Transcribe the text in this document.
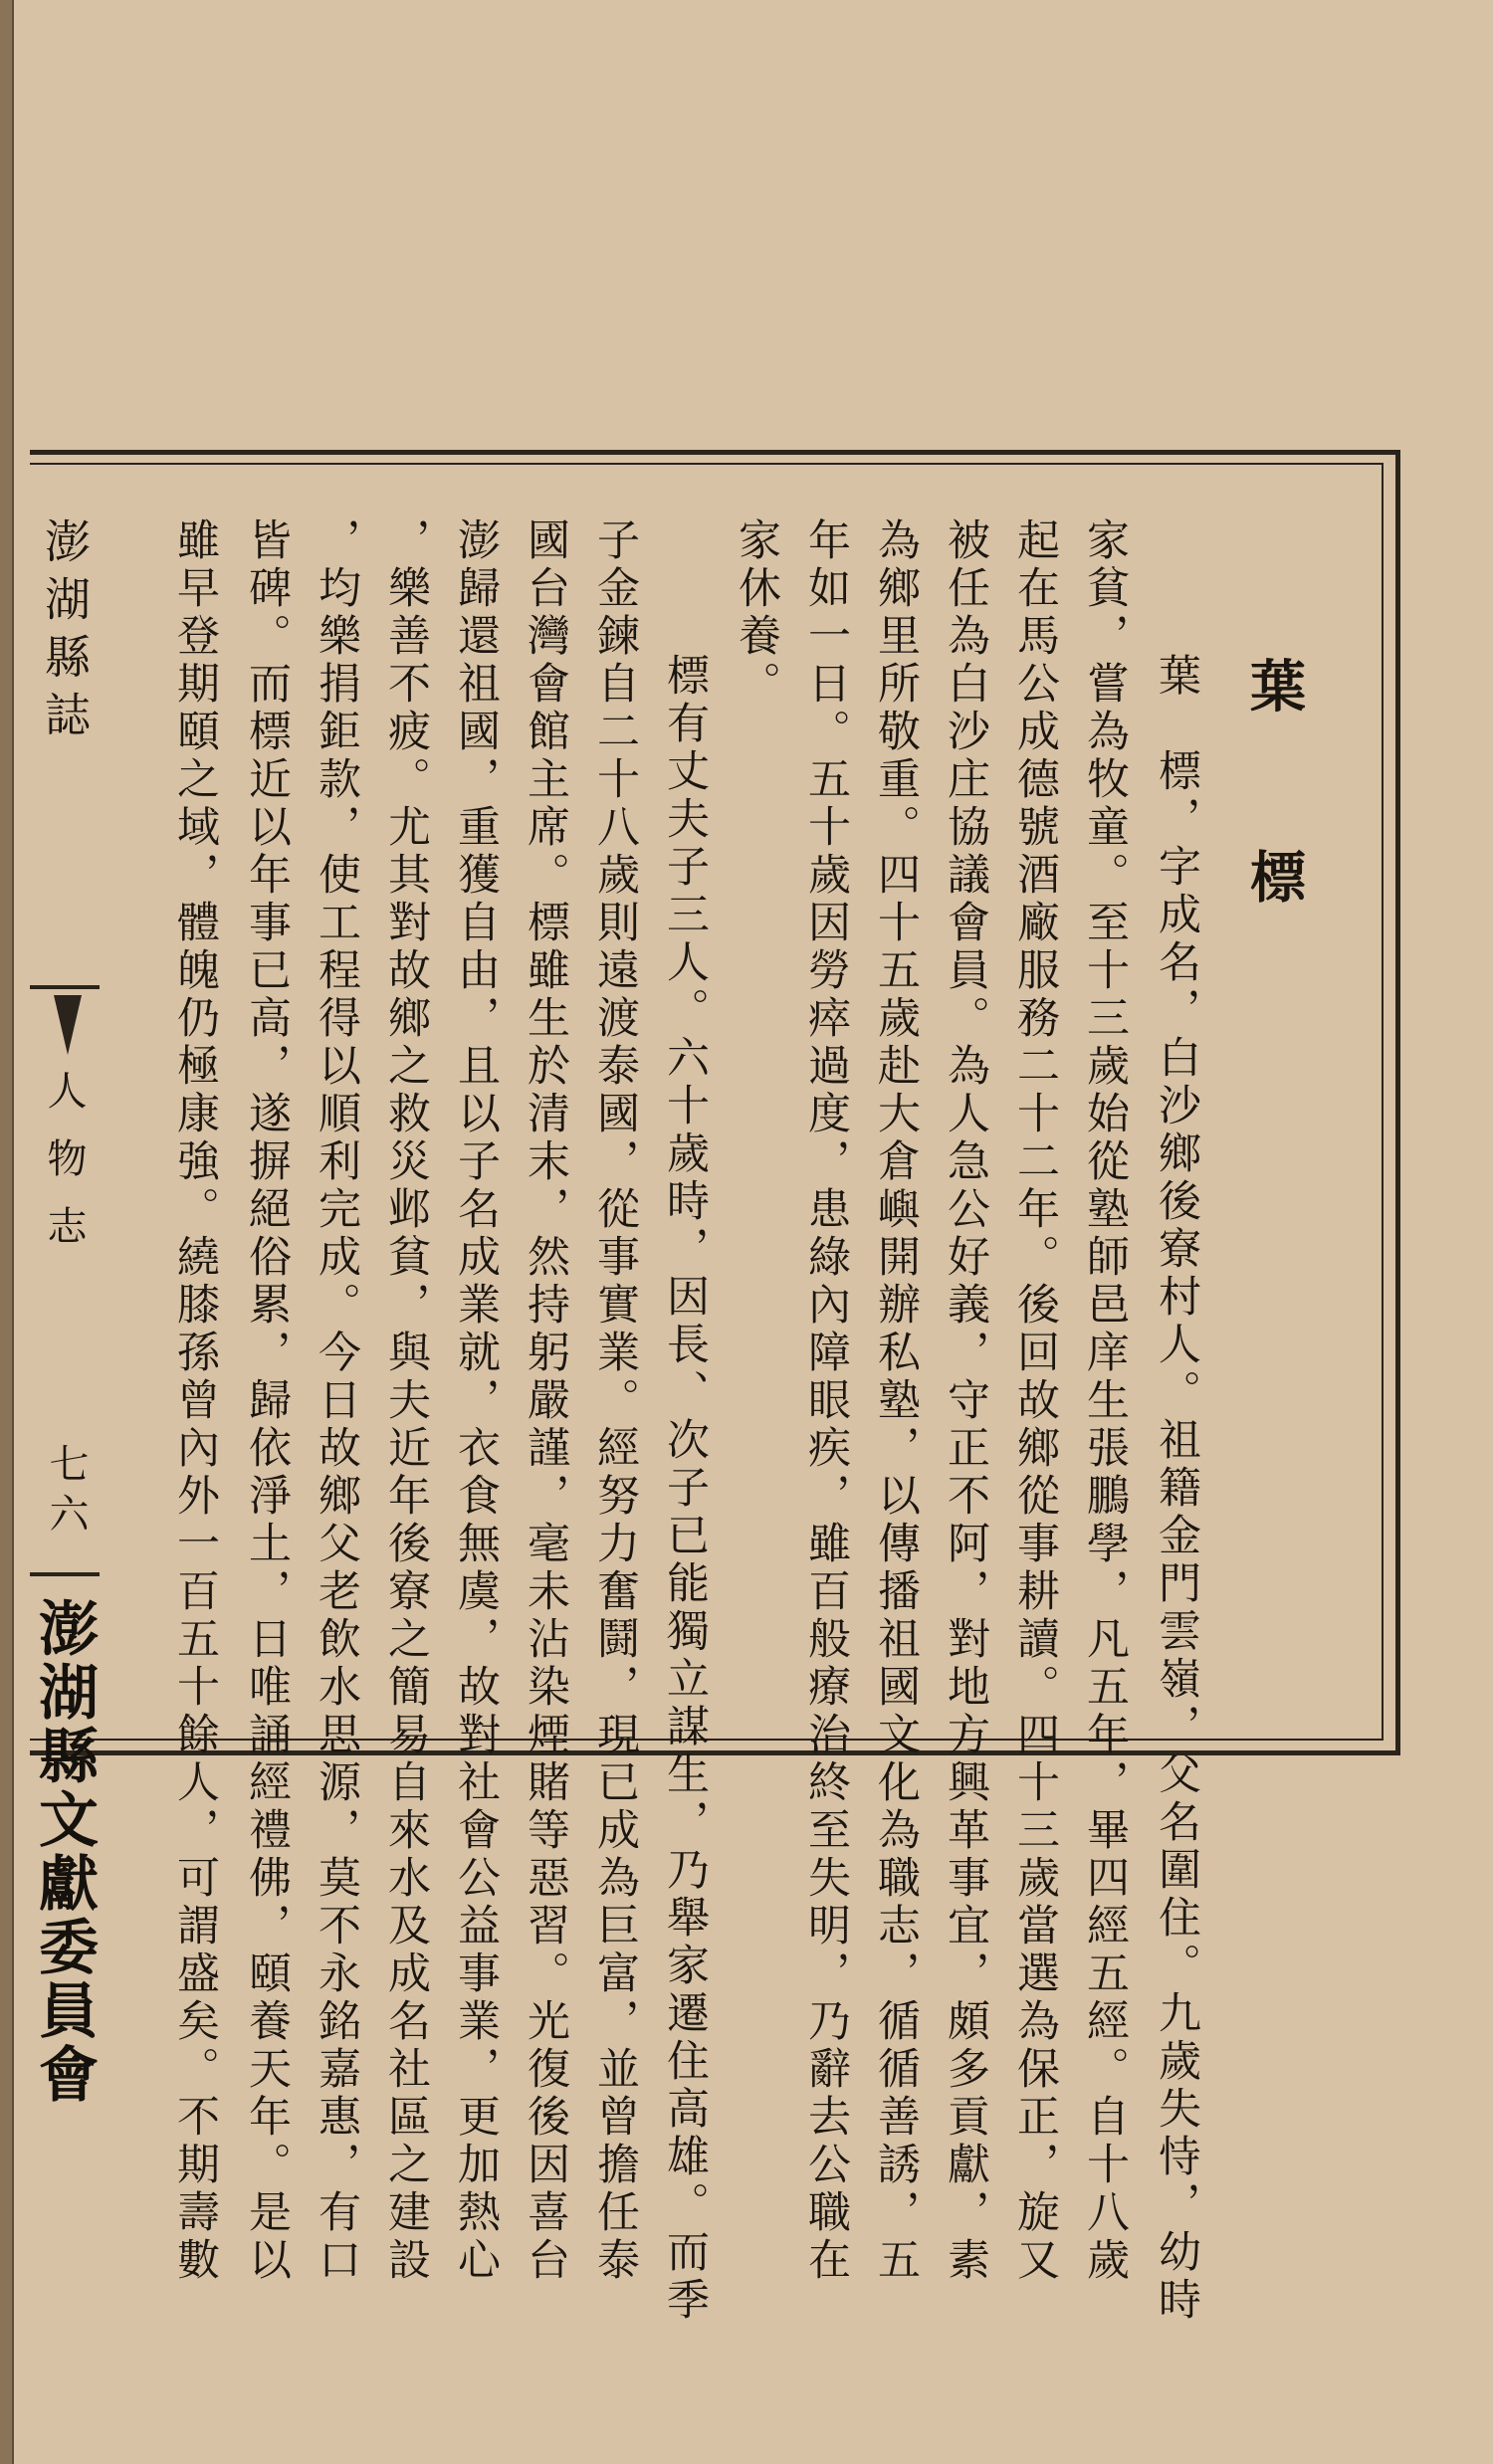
葉　標

　葉　標，字成名，白沙鄉後寮村人。祖籍金門雲嶺，父名圍住。九歲失恃，幼時

家貧，嘗為牧童。至十三歲始從塾師邑庠生張鵬學，凡五年，畢四經五經。自十八歲

起在馬公成德號酒廠服務二十二年。後回故鄉從事耕讀。四十三歲當選為保正，旋又

被任為白沙庄協議會員。為人急公好義，守正不阿，對地方興革事宜，頗多貢獻，素

為鄉里所敬重。四十五歲赴大倉嶼開辦私塾，以傳播祖國文化為職志，循循善誘，五

年如一日。五十歲因勞瘁過度，患綠內障眼疾，雖百般療治終至失明，乃辭去公職在

家休養。

　標有丈夫子三人。六十歲時，因長、次子已能獨立謀生，乃舉家遷住高雄。而季

子金鍊自二十八歲則遠渡泰國，從事實業。經努力奮鬪，現已成為巨富，並曾擔任泰

國台灣會館主席。標雖生於清末，然持躬嚴謹，毫未沾染煙賭等惡習。光復後因喜台

澎歸還祖國，重獲自由，且以子名成業就，衣食無虞，故對社會公益事業，更加熱心

，樂善不疲。尤其對故鄉之救災邺貧，與夫近年後寮之簡易自來水及成名社區之建設

，均樂捐鉅款，使工程得以順利完成。今日故鄉父老飲水思源，莫不永銘嘉惠，有口

皆碑。而標近以年事已高，遂摒絕俗累，歸依淨土，日唯誦經禮佛，頤養天年。是以

雖早登期頤之域，體魄仍極康強。繞膝孫曾內外一百五十餘人，可謂盛矣。不期壽數

澎湖縣誌

人物志

七六

澎湖縣文獻委員會
